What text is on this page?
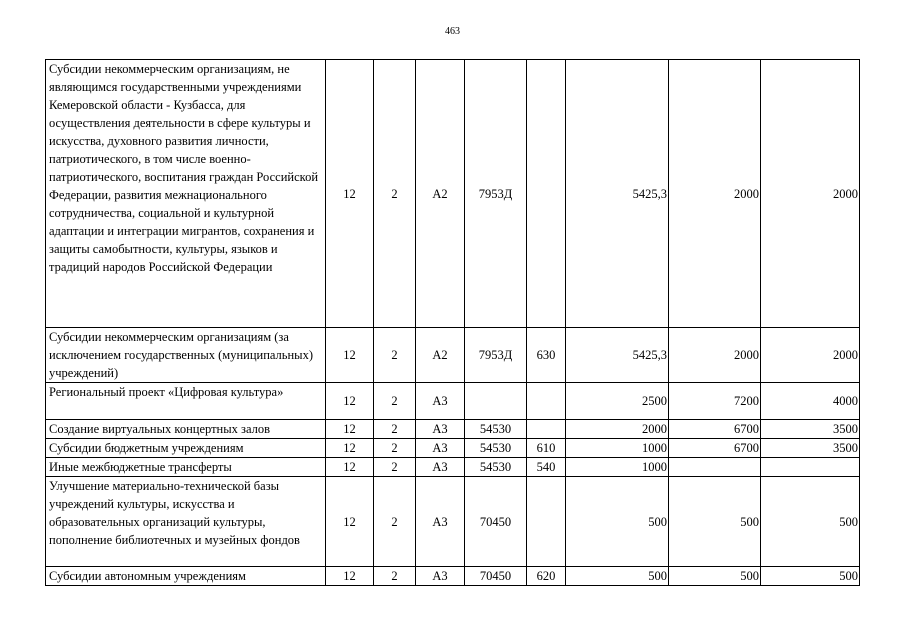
463
Субсидии некоммерческим организациям, не являющимся государственными учреждениями Кемеровской области - Кузбасса, для осуществления деятельности в сфере культуры и искусства, духовного развития личности, патриотического, в том числе военно-патриотического, воспитания граждан Российской Федерации, развития межнационального сотрудничества, социальной и культурной адаптации и интеграции мигрантов, сохранения и защиты самобытности, культуры, языков и традиций народов Российской Федерации	12	2	А2	7953Д		5425,3	2000	2000
Субсидии некоммерческим организациям (за исключением государственных (муниципальных) учреждений)	12	2	А2	7953Д	630	5425,3	2000	2000
Региональный проект «Цифровая культура»	12	2	А3			2500	7200	4000
Создание виртуальных концертных залов	12	2	А3	54530		2000	6700	3500
Субсидии бюджетным учреждениям	12	2	А3	54530	610	1000	6700	3500
Иные межбюджетные трансферты	12	2	А3	54530	540	1000		
Улучшение материально-технической базы учреждений культуры, искусства и образовательных организаций культуры, пополнение библиотечных и музейных фондов	12	2	А3	70450		500	500	500
Субсидии автономным учреждениям	12	2	А3	70450	620	500	500	500
